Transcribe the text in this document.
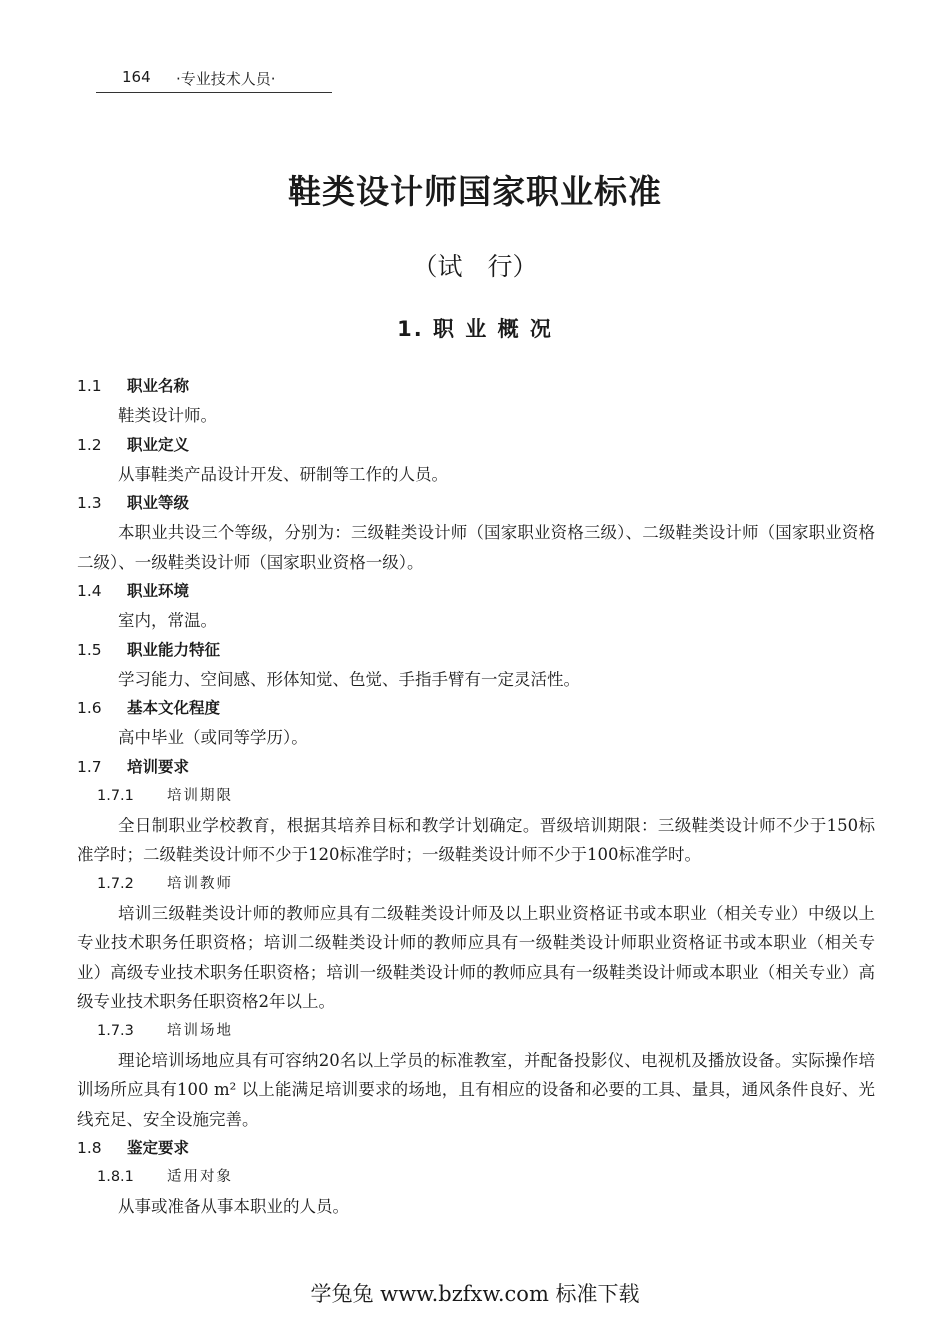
164 ·专业技术人员·
鞋类设计师国家职业标准
（试　行）
1. 职 业 概 况
1.1 职业名称

鞋类设计师。

1.2 职业定义

从事鞋类产品设计开发、研制等工作的人员。

1.3 职业等级

本职业共设三个等级，分别为：三级鞋类设计师（国家职业资格三级）、二级鞋类设计师（国家职业资格二级）、一级鞋类设计师（国家职业资格一级）。

1.4 职业环境

室内，常温。

1.5 职业能力特征

学习能力、空间感、形体知觉、色觉、手指手臂有一定灵活性。

1.6 基本文化程度

高中毕业（或同等学历）。

1.7 培训要求
1.7.1 培训期限

全日制职业学校教育，根据其培养目标和教学计划确定。晋级培训期限：三级鞋类设计师不少于150标准学时；二级鞋类设计师不少于120标准学时；一级鞋类设计师不少于100标准学时。

1.7.2 培训教师

培训三级鞋类设计师的教师应具有二级鞋类设计师及以上职业资格证书或本职业（相关专业）中级以上专业技术职务任职资格；培训二级鞋类设计师的教师应具有一级鞋类设计师职业资格证书或本职业（相关专业）高级专业技术职务任职资格；培训一级鞋类设计师的教师应具有一级鞋类设计师或本职业（相关专业）高级专业技术职务任职资格2年以上。

1.7.3 培训场地

理论培训场地应具有可容纳20名以上学员的标准教室，并配备投影仪、电视机及播放设备。实际操作培训场所应具有100 m² 以上能满足培训要求的场地，且有相应的设备和必要的工具、量具，通风条件良好、光线充足、安全设施完善。

1.8 鉴定要求
1.8.1 适用对象

从事或准备从事本职业的人员。

学兔兔 www.bzfxw.com 标准下载
